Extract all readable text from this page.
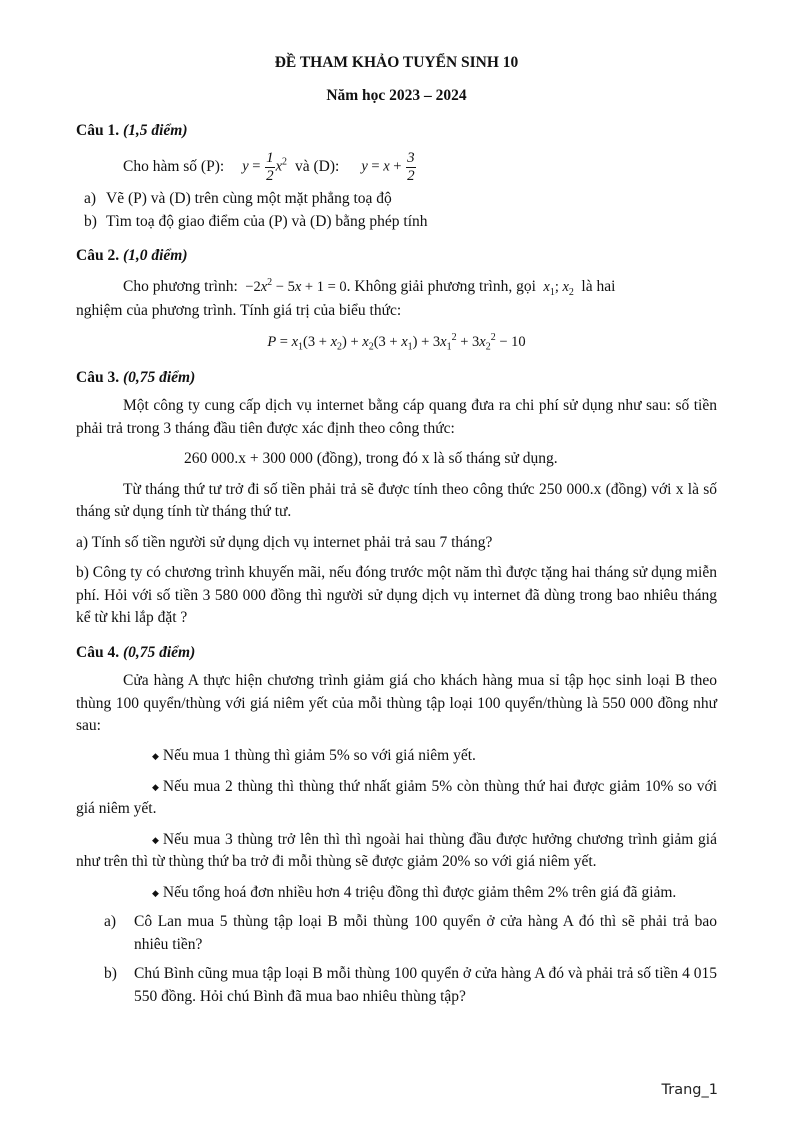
ĐỀ THAM KHẢO TUYỂN SINH 10
Năm học 2023 – 2024
Câu 1. (1,5 điểm)
Cho hàm số (P): $y = \frac{1}{2} x^2$ và (D): $y = x + \frac{3}{2}$
a) Vẽ (P) và (D) trên cùng một mặt phẳng toạ độ
b) Tìm toạ độ giao điểm của (P) và (D) bằng phép tính
Câu 2. (1,0 điểm)

Cho phương trình:  $-2x^2 - 5x + 1 = 0$. Không giải phương trình, gọi $x_1$; $x_2$ là hai

nghiệm của phương trình. Tính giá trị của biểu thức:

$P = x_1(3 + x_2) + x_2(3 + x_1) + 3x_1^2 + 3x_2^2 - 10$

Câu 3. (0,75 điểm)

Một công ty cung cấp dịch vụ internet bằng cáp quang đưa ra chi phí sử dụng như sau: số tiền phải trả trong 3 tháng đầu tiên được xác định theo công thức:

260 000.x + 300 000 (đồng), trong đó x là số tháng sử dụng.

Từ tháng thứ tư trở đi số tiền phải trả sẽ được tính theo công thức 250 000.x (đồng) với x là số tháng sử dụng tính từ tháng thứ tư.

a) Tính số tiền người sử dụng dịch vụ internet phải trả sau 7 tháng?

b) Công ty có chương trình khuyến mãi, nếu đóng trước một năm thì được tặng hai tháng sử dụng miễn phí. Hỏi với số tiền 3 580 000 đồng thì người sử dụng dịch vụ internet đã dùng trong bao nhiêu tháng kể từ khi lắp đặt ?

Câu 4. (0,75 điểm)

Cửa hàng A thực hiện chương trình giảm giá cho khách hàng mua sỉ tập học sinh loại B theo thùng 100 quyển/thùng với giá niêm yết của mỗi thùng tập loại 100 quyển/thùng là 550 000 đồng như sau:

◆ Nếu mua 1 thùng thì giảm 5% so với giá niêm yết.

◆ Nếu mua 2 thùng thì thùng thứ nhất giảm 5% còn thùng thứ hai được giảm 10% so với giá niêm yết.

◆ Nếu mua 3 thùng trở lên thì thì ngoài hai thùng đầu được hưởng chương trình giảm giá như trên thì từ thùng thứ ba trở đi mỗi thùng sẽ được giảm 20% so với giá niêm yết.

◆ Nếu tổng hoá đơn nhiều hơn 4 triệu đồng thì được giảm thêm 2% trên giá đã giảm.

a)	Cô Lan mua 5 thùng tập loại B mỗi thùng 100 quyển ở cửa hàng A đó thì sẽ phải trả bao nhiêu tiền?
b)	Chú Bình cũng mua tập loại B mỗi thùng 100 quyển ở cửa hàng A đó và phải trả số tiền 4 015 550 đồng. Hỏi chú Bình đã mua bao nhiêu thùng tập?
Trang_1
